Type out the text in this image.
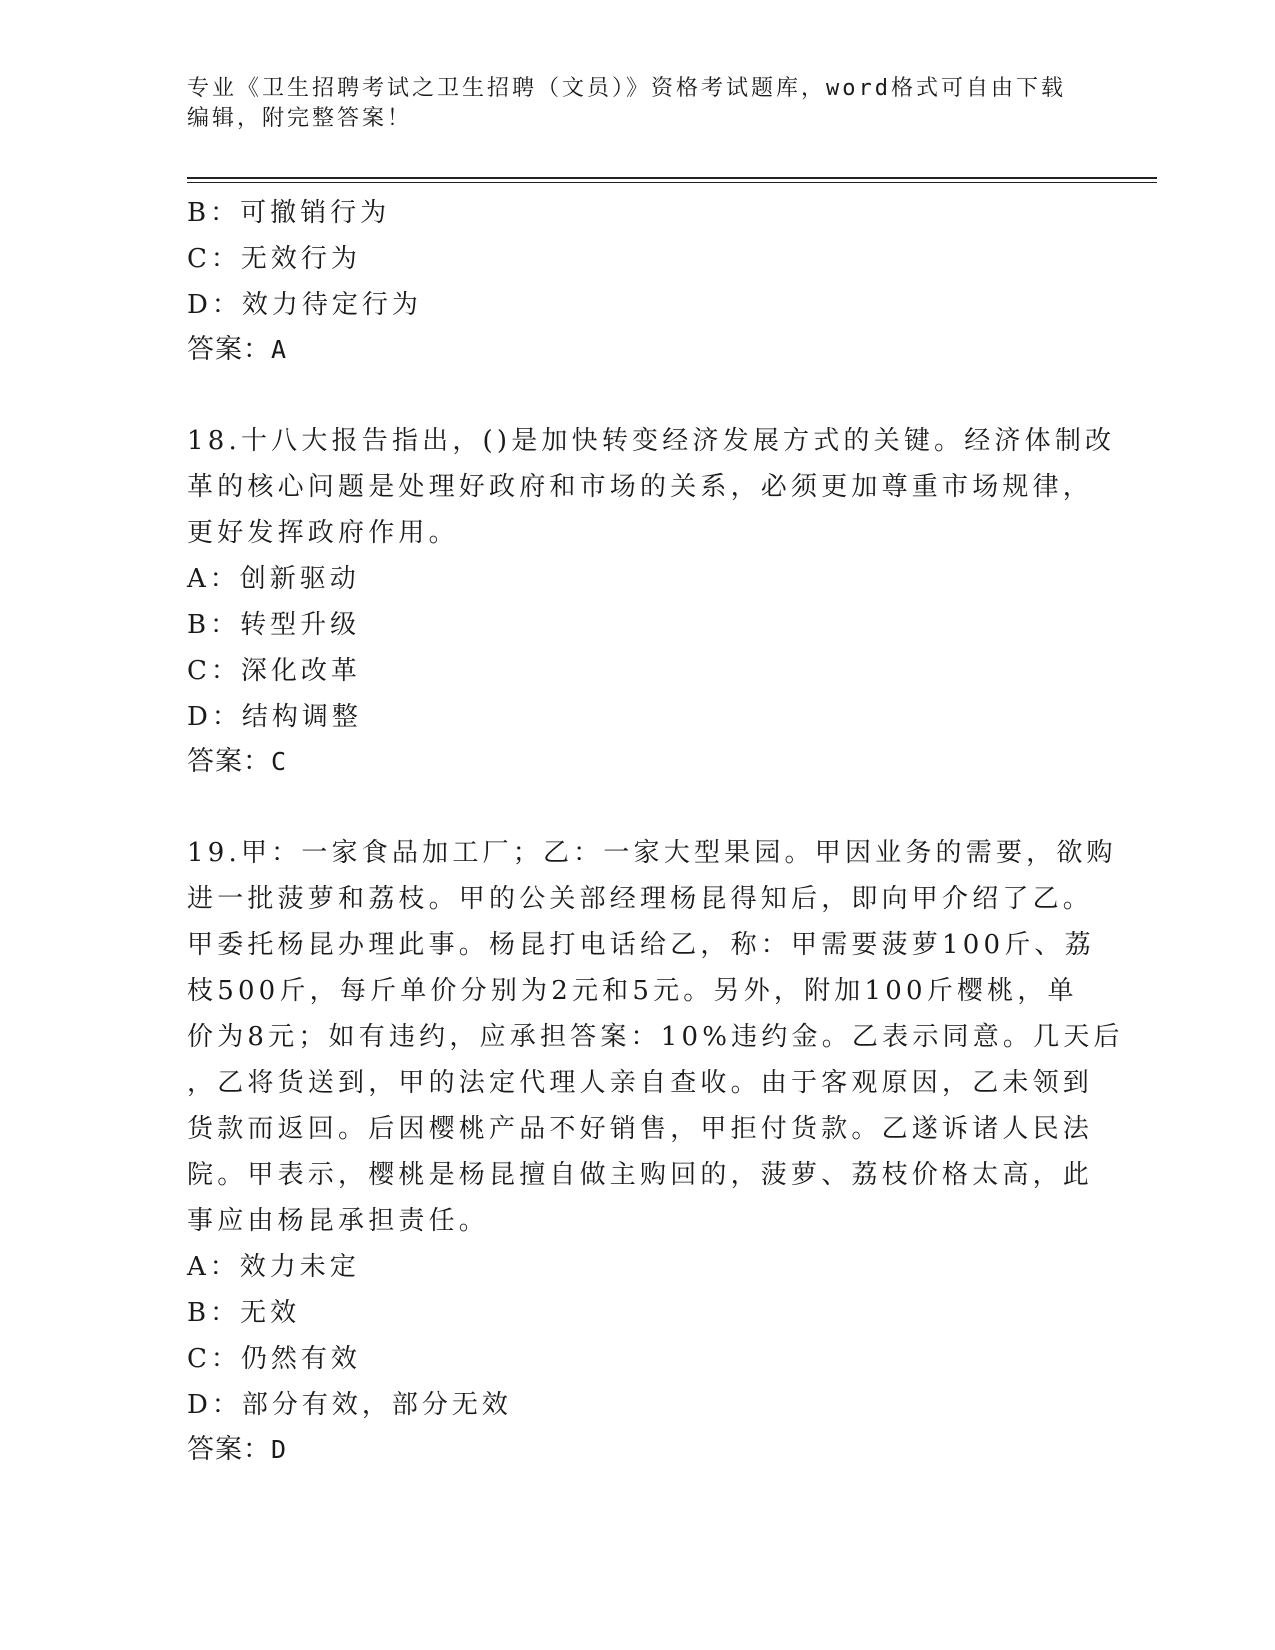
专业《卫生招聘考试之卫生招聘（文员）》资格考试题库，word格式可自由下载
编辑，附完整答案！
B：可撤销行为
C：无效行为
D：效力待定行为
答案：A
18.十八大报告指出，()是加快转变经济发展方式的关键。经济体制改
革的核心问题是处理好政府和市场的关系，必须更加尊重市场规律，
更好发挥政府作用。
A：创新驱动
B：转型升级
C：深化改革
D：结构调整
答案：C
19.甲：一家食品加工厂；乙：一家大型果园。甲因业务的需要，欲购
进一批菠萝和荔枝。甲的公关部经理杨昆得知后，即向甲介绍了乙。
甲委托杨昆办理此事。杨昆打电话给乙，称：甲需要菠萝100斤、荔
枝500斤，每斤单价分别为2元和5元。另外，附加100斤樱桃，单
价为8元；如有违约，应承担答案：10%违约金。乙表示同意。几天后
，乙将货送到，甲的法定代理人亲自查收。由于客观原因，乙未领到
货款而返回。后因樱桃产品不好销售，甲拒付货款。乙遂诉诸人民法
院。甲表示，樱桃是杨昆擅自做主购回的，菠萝、荔枝价格太高，此
事应由杨昆承担责任。
A：效力未定
B：无效
C：仍然有效
D：部分有效，部分无效
答案：D
